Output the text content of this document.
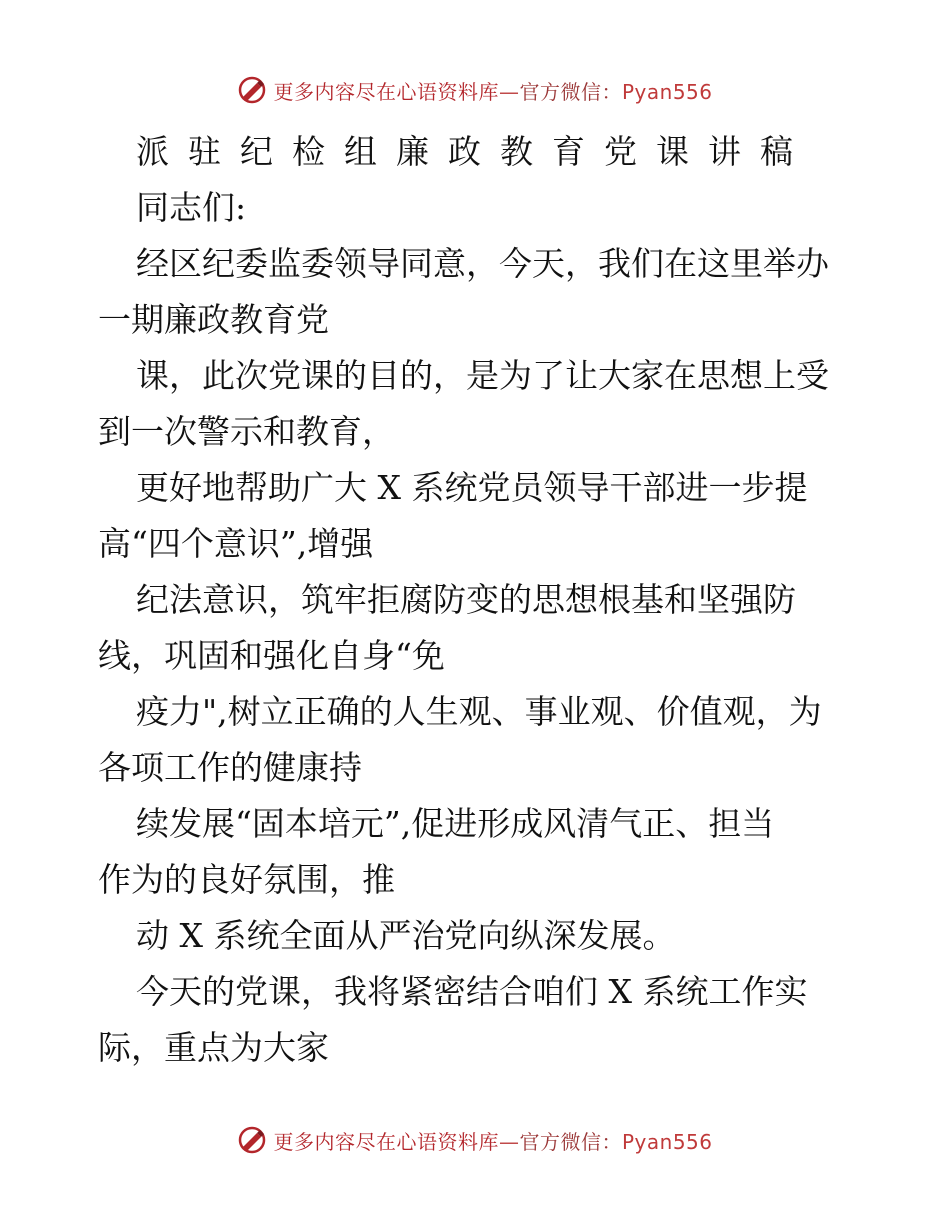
更多内容尽在心语资料库—官方微信：Pyan556
派驻纪检组廉政教育党课讲稿
同志们:
经区纪委监委领导同意，今天，我们在这里举办
一期廉政教育党
课，此次党课的目的，是为了让大家在思想上受
到一次警示和教育，
更好地帮助广大 X 系统党员领导干部进一步提
高“四个意识”,增强
纪法意识，筑牢拒腐防变的思想根基和坚强防
线，巩固和强化自身“免
疫力",树立正确的人生观、事业观、价值观，为
各项工作的健康持
续发展“固本培元”,促进形成风清气正、担当
作为的良好氛围，推
动 X 系统全面从严治党向纵深发展。
今天的党课，我将紧密结合咱们 X 系统工作实
际，重点为大家
更多内容尽在心语资料库—官方微信：Pyan556
